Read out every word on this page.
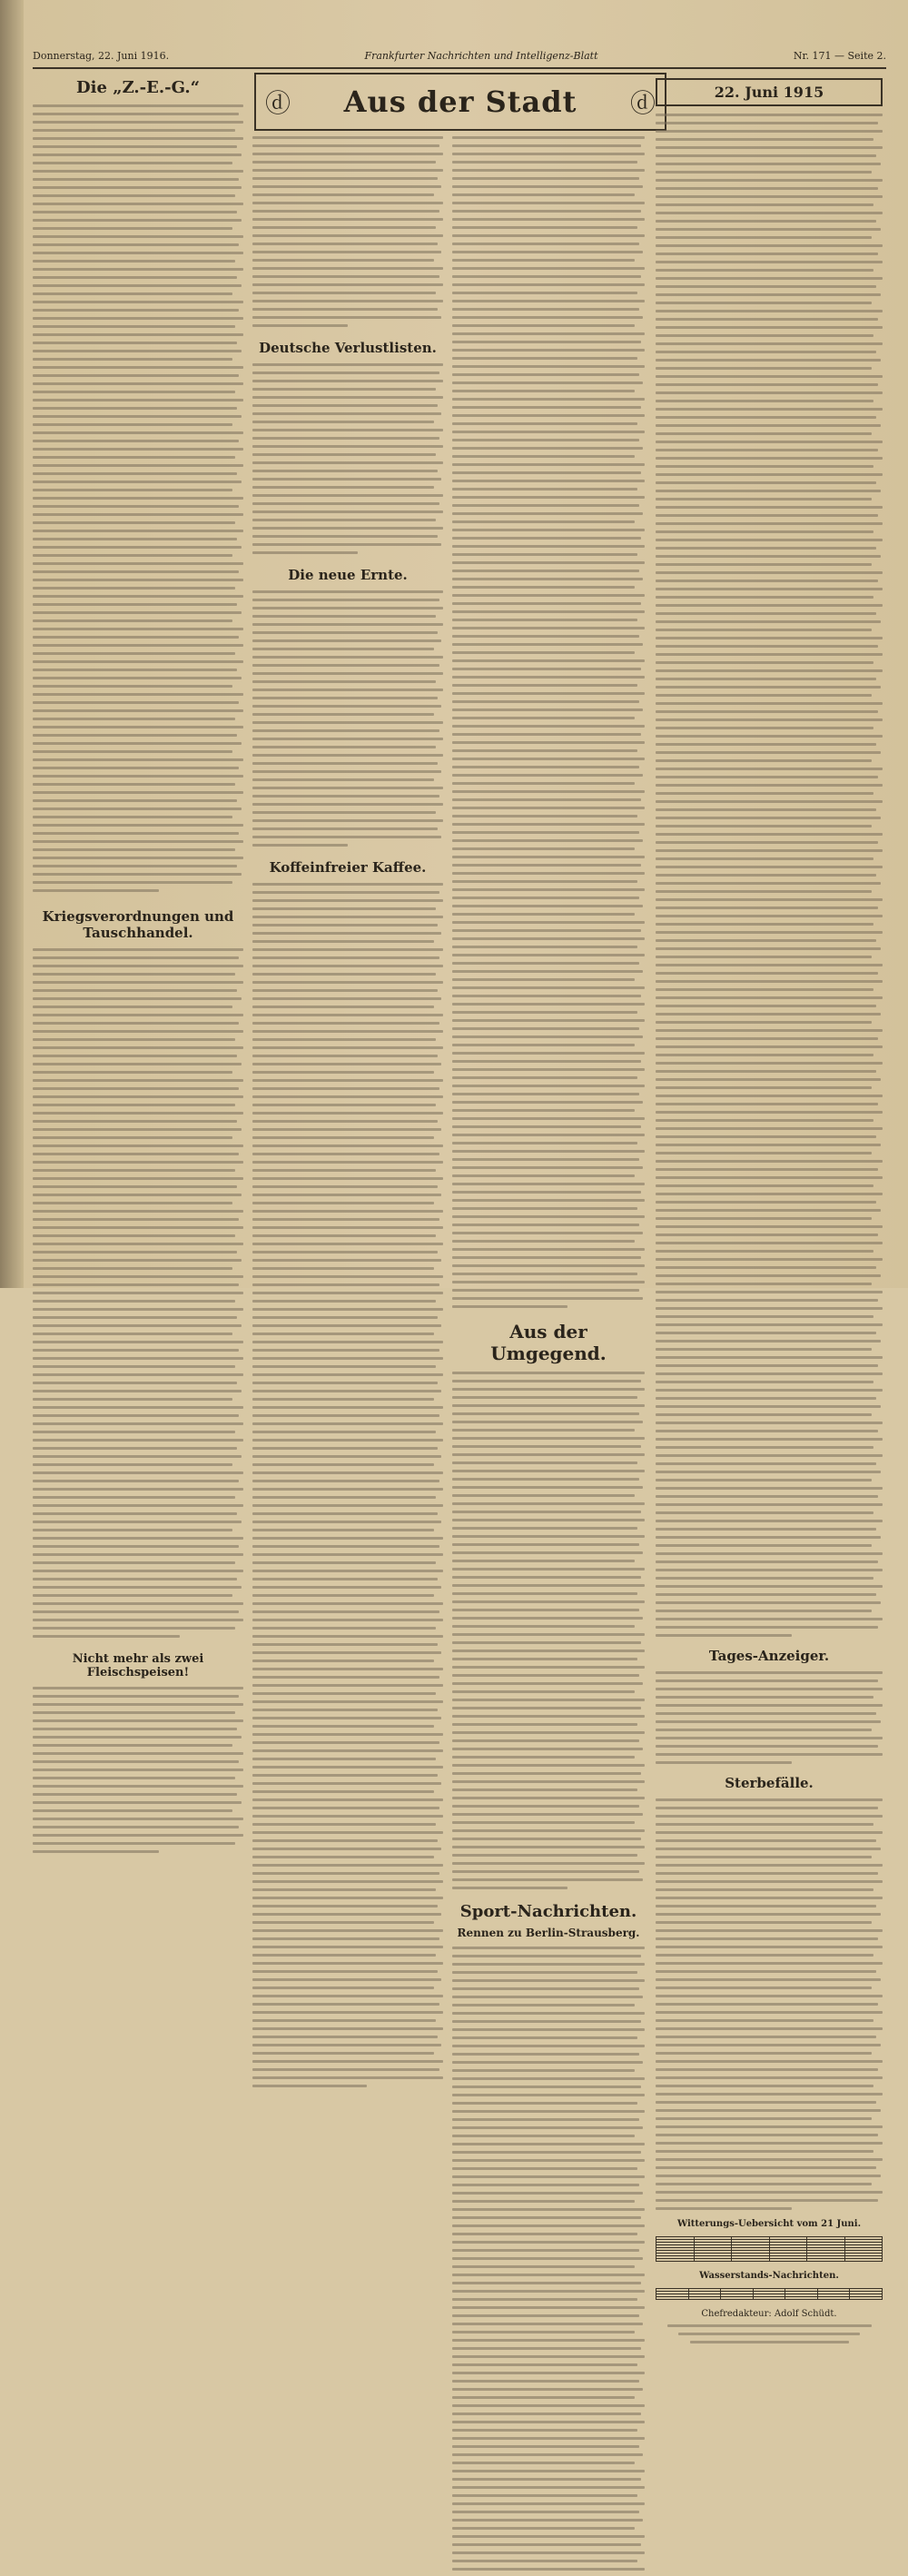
Donnerstag, 22. Juni 1916.	Frankfurter Nachrichten und Intelligenz-Blatt	Nr. 171 — Seite 2.
ⓓ Aus der Stadt ⓓ
Die „Z.-E.-G.“
Kriegsverordnungen und Tauschhandel.
Nicht mehr als zwei Fleischspeisen!
Deutsche Verlustlisten.
Die neue Ernte.
Koffeinfreier Kaffee.
Aus der Umgegend.
Sport-Nachrichten.
Rennen zu Berlin-Strausberg.
22. Juni 1915
Tages-Anzeiger.
Sterbefälle.
Witterungs-Uebersicht vom 21 Juni.

Wasserstands-Nachrichten.

Chefredakteur: Adolf Schüdt.
